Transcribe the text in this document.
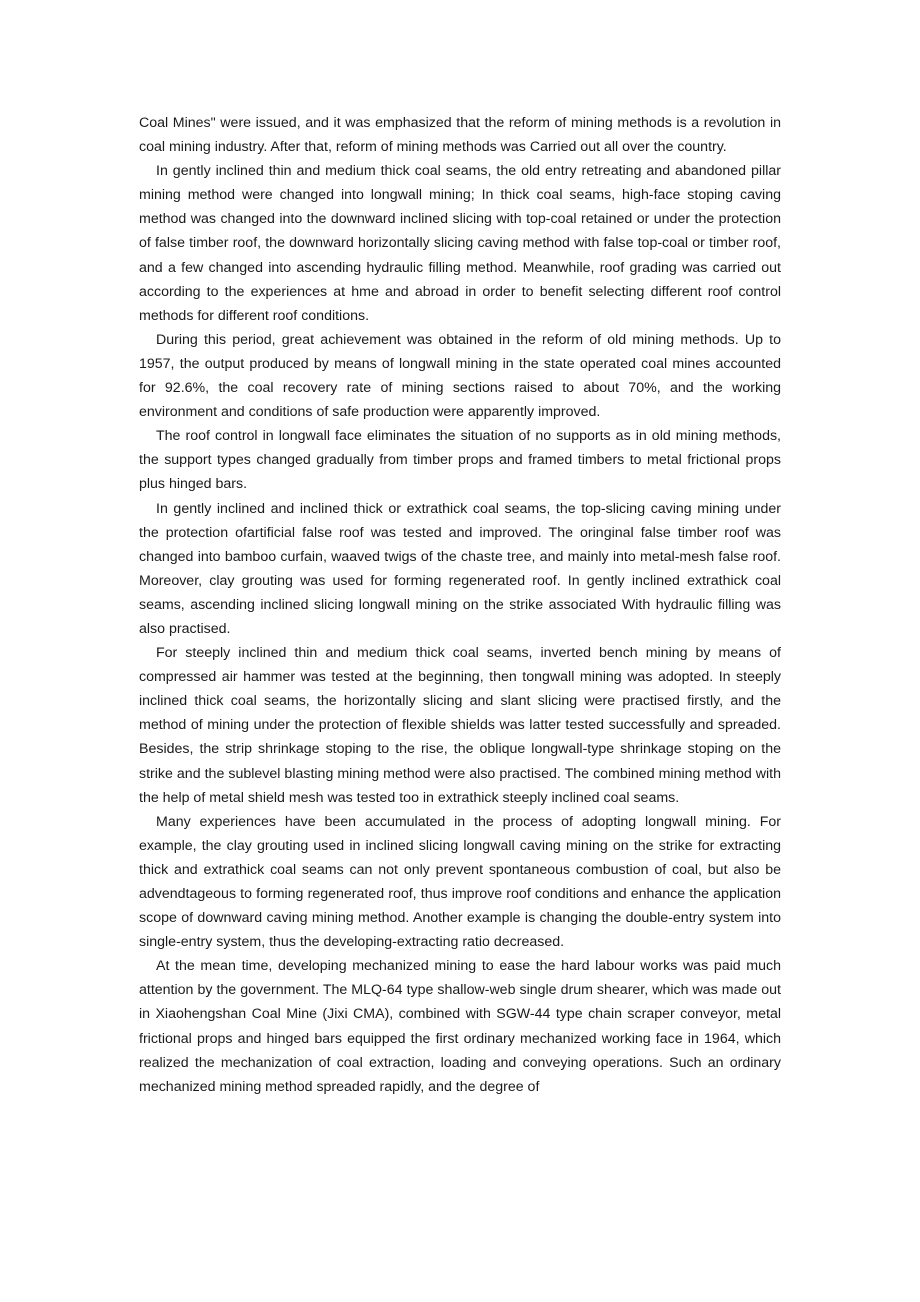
Coal Mines" were issued, and it was emphasized that the reform of mining methods is a revolution in coal mining industry. After that, reform of mining methods was Carried out all over the country.

In gently inclined thin and medium thick coal seams, the old entry retreating and abandoned pillar mining method were changed into longwall mining; In thick coal seams, high-face stoping caving method was changed into the downward inclined slicing with top-coal retained or under the protection of false timber roof, the downward horizontally slicing caving method with false top-coal or timber roof, and a few changed into ascending hydraulic filling method. Meanwhile, roof grading was carried out according to the experiences at hme and abroad in order to benefit selecting different roof control methods for different roof conditions.

During this period, great achievement was obtained in the reform of old mining methods. Up to 1957, the output produced by means of longwall mining in the state operated coal mines accounted for 92.6%, the coal recovery rate of mining sections raised to about 70%, and the working environment and conditions of safe production were apparently improved.

The roof control in longwall face eliminates the situation of no supports as in old mining methods, the support types changed gradually from timber props and framed timbers to metal frictional props plus hinged bars.

In gently inclined and inclined thick or extrathick coal seams, the top-slicing caving mining under the protection ofartificial false roof was tested and improved. The oringinal false timber roof was changed into bamboo curfain, waaved twigs of the chaste tree, and mainly into metal-mesh false roof. Moreover, clay grouting was used for forming regenerated roof. In gently inclined extrathick coal seams, ascending inclined slicing longwall mining on the strike associated With hydraulic filling was also practised.

For steeply inclined thin and medium thick coal seams, inverted bench mining by means of compressed air hammer was tested at the beginning, then tongwall mining was adopted. In steeply inclined thick coal seams, the horizontally slicing and slant slicing were practised firstly, and the method of mining under the protection of flexible shields was latter tested successfully and spreaded. Besides, the strip shrinkage stoping to the rise, the oblique longwall-type shrinkage stoping on the strike and the sublevel blasting mining method were also practised. The combined mining method with the help of metal shield mesh was tested too in extrathick steeply inclined coal seams.

Many experiences have been accumulated in the process of adopting longwall mining. For example, the clay grouting used in inclined slicing longwall caving mining on the strike for extracting thick and extrathick coal seams can not only prevent spontaneous combustion of coal, but also be advendtageous to forming regenerated roof, thus improve roof conditions and enhance the application scope of downward caving mining method. Another example is changing the double-entry system into single-entry system, thus the developing-extracting ratio decreased.

At the mean time, developing mechanized mining to ease the hard labour works was paid much attention by the government. The MLQ-64 type shallow-web single drum shearer, which was made out in Xiaohengshan Coal Mine (Jixi CMA), combined with SGW-44 type chain scraper conveyor, metal frictional props and hinged bars equipped the first ordinary mechanized working face in 1964, which realized the mechanization of coal extraction, loading and conveying operations. Such an ordinary mechanized mining method spreaded rapidly, and the degree of
